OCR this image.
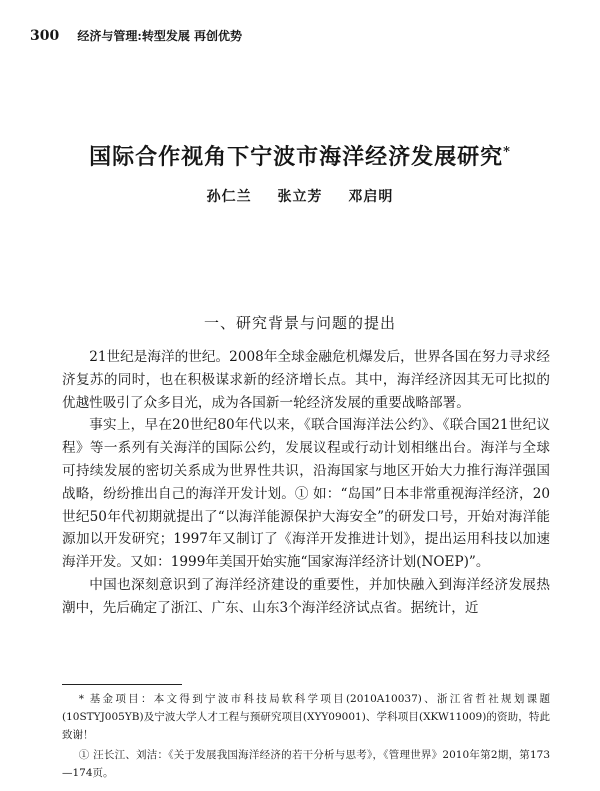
300 经济与管理:转型发展 再创优势
国际合作视角下宁波市海洋经济发展研究*
孙仁兰 张立芳 邓启明
一、研究背景与问题的提出

21世纪是海洋的世纪。2008年全球金融危机爆发后，世界各国在努力寻求经济复苏的同时，也在积极谋求新的经济增长点。其中，海洋经济因其无可比拟的优越性吸引了众多目光，成为各国新一轮经济发展的重要战略部署。

事实上，早在20世纪80年代以来，《联合国海洋法公约》、《联合国21世纪议程》等一系列有关海洋的国际公约，发展议程或行动计划相继出台。海洋与全球可持续发展的密切关系成为世界性共识，沿海国家与地区开始大力推行海洋强国战略，纷纷推出自己的海洋开发计划。① 如：“岛国”日本非常重视海洋经济，20世纪50年代初期就提出了“以海洋能源保护大海安全”的研发口号，开始对海洋能源加以开发研究；1997年又制订了《海洋开发推进计划》，提出运用科技以加速海洋开发。又如：1999年美国开始实施“国家海洋经济计划(NOEP)”。

中国也深刻意识到了海洋经济建设的重要性，并加快融入到海洋经济发展热潮中，先后确定了浙江、广东、山东3个海洋经济试点省。据统计，近

* 基金项目：本文得到宁波市科技局软科学项目(2010A10037)、浙江省哲社规划课题(10STYJ005YB)及宁波大学人才工程与预研究项目(XYY09001)、学科项目(XKW11009)的资助，特此致谢！

① 汪长江、刘洁：《关于发展我国海洋经济的若干分析与思考》，《管理世界》2010年第2期，第173—174页。
